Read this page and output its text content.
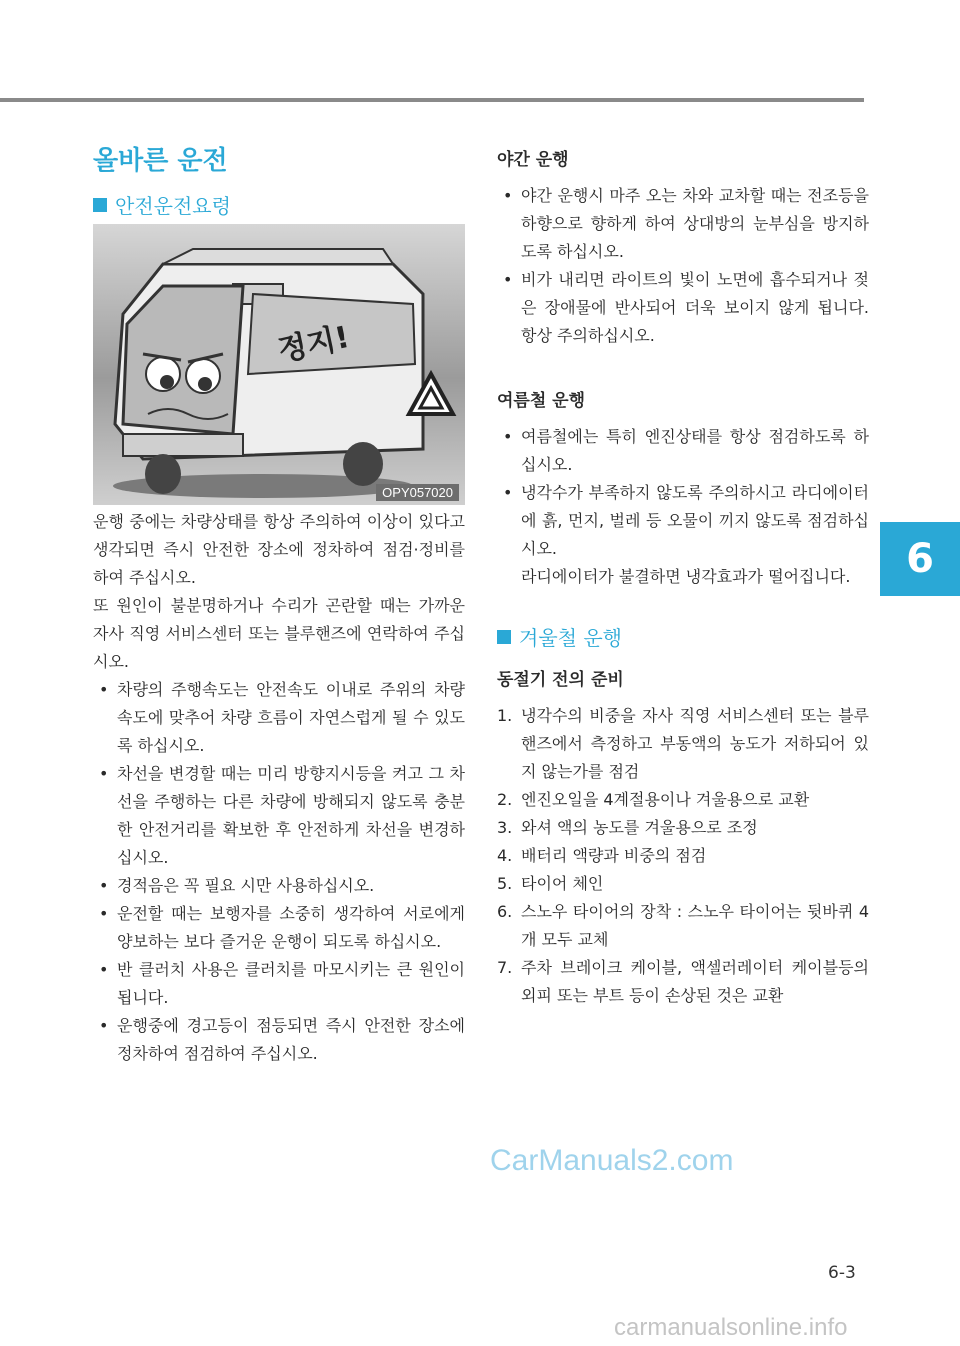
6
올바른 운전
안전운전요령
정지!
OPY057020
운행 중에는 차량상태를 항상 주의하여 이상이 있다고 생각되면 즉시 안전한 장소에 정차하여 점검·정비를 하여 주십시오.
또 원인이 불분명하거나 수리가 곤란할 때는 가까운 자사 직영 서비스센터 또는 블루핸즈에 연락하여 주십시오.
• 차량의 주행속도는 안전속도 이내로 주위의 차량 속도에 맞추어 차량 흐름이 자연스럽게 될 수 있도록 하십시오.
• 차선을 변경할 때는 미리 방향지시등을 켜고 그 차선을 주행하는 다른 차량에 방해되지 않도록 충분한 안전거리를 확보한 후 안전하게 차선을 변경하십시오.
• 경적음은 꼭 필요 시만 사용하십시오.
• 운전할 때는 보행자를 소중히 생각하여 서로에게 양보하는 보다 즐거운 운행이 되도록 하십시오.
• 반 클러치 사용은 클러치를 마모시키는 큰 원인이 됩니다.
• 운행중에 경고등이 점등되면 즉시 안전한 장소에 정차하여 점검하여 주십시오.
야간 운행
• 야간 운행시 마주 오는 차와 교차할 때는 전조등을 하향으로 향하게 하여 상대방의 눈부심을 방지하도록 하십시오.
• 비가 내리면 라이트의 빛이 노면에 흡수되거나 젖은 장애물에 반사되어 더욱 보이지 않게 됩니다. 항상 주의하십시오.
여름철 운행
• 여름철에는 특히 엔진상태를 항상 점검하도록 하십시오.
• 냉각수가 부족하지 않도록 주의하시고 라디에이터에 흙, 먼지, 벌레 등 오물이 끼지 않도록 점검하십시오.
라디에이터가 불결하면 냉각효과가 떨어집니다.
겨울철 운행
동절기 전의 준비
1. 냉각수의 비중을 자사 직영 서비스센터 또는 블루핸즈에서 측정하고 부동액의 농도가 저하되어 있지 않는가를 점검
2. 엔진오일을 4계절용이나 겨울용으로 교환
3. 와셔 액의 농도를 겨울용으로 조정
4. 배터리 액량과 비중의 점검
5. 타이어 체인
6. 스노우 타이어의 장착 : 스노우 타이어는 뒷바퀴 4개 모두 교체
7. 주차 브레이크 케이블, 액셀러레이터 케이블등의 외피 또는 부트 등이 손상된 것은 교환
CarManuals2.com
6-3
carmanualsonline.info
